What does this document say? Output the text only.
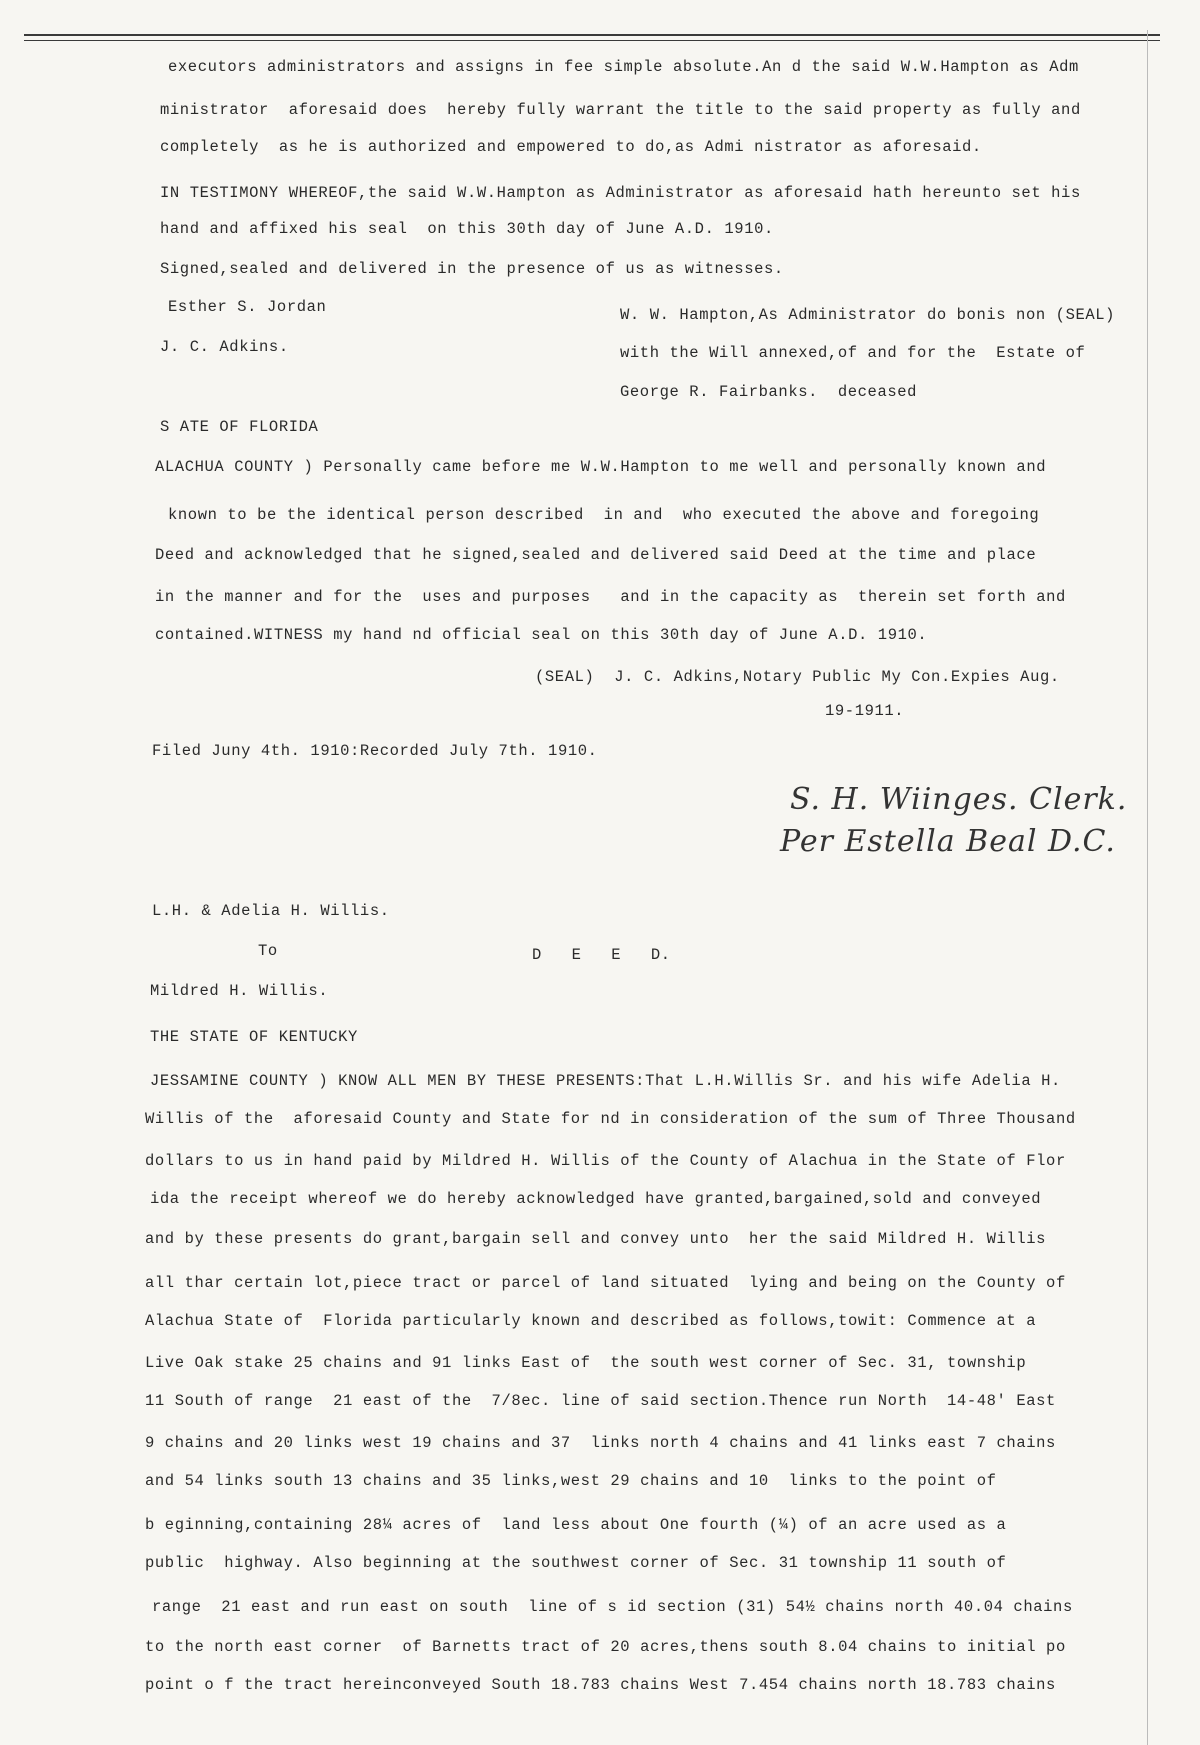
executors administrators and assigns in fee simple absolute.An d the said W.W.Hampton as Adm
ministrator  aforesaid does  hereby fully warrant the title to the said property as fully and
completely  as he is authorized and empowered to do,as Admi nistrator as aforesaid.
IN TESTIMONY WHEREOF,the said W.W.Hampton as Administrator as aforesaid hath hereunto set his
hand and affixed his seal  on this 30th day of June A.D. 1910.
Signed,sealed and delivered in the presence of us as witnesses.
Esther S. Jordan	W. W. Hampton,As Administrator do bonis non (SEAL)
J. C. Adkins.	with the Will annexed,of and for the  Estate of
George R. Fairbanks.  deceased
S ATE OF FLORIDA
ALACHUA COUNTY ) Personally came before me W.W.Hampton to me well and personally known and
known to be the identical person described  in and  who executed the above and foregoing
Deed and acknowledged that he signed,sealed and delivered said Deed at the time and place
in the manner and for the  uses and purposes   and in the capacity as  therein set forth and
contained.WITNESS my hand nd official seal on this 30th day of June A.D. 1910.
(SEAL)  J. C. Adkins,Notary Public My Con.Expies Aug.
19-1911.
Filed Juny 4th. 1910:Recorded July 7th. 1910.
L.H. & Adelia H. Willis.
To	D   E   E   D.
Mildred H. Willis.
THE STATE OF KENTUCKY
JESSAMINE COUNTY ) KNOW ALL MEN BY THESE PRESENTS:That L.H.Willis Sr. and his wife Adelia H.
Willis of the  aforesaid County and State for nd in consideration of the sum of Three Thousand
dollars to us in hand paid by Mildred H. Willis of the County of Alachua in the State of Flor
ida the receipt whereof we do hereby acknowledged have granted,bargained,sold and conveyed
and by these presents do grant,bargain sell and convey unto  her the said Mildred H. Willis
all thar certain lot,piece tract or parcel of land situated  lying and being on the County of
Alachua State of  Florida particularly known and described as follows,towit: Commence at a
Live Oak stake 25 chains and 91 links East of  the south west corner of Sec. 31, township
11 South of range  21 east of the  7/8ec. line of said section.Thence run North  14-48' East
9 chains and 20 links west 19 chains and 37  links north 4 chains and 41 links east 7 chains
and 54 links south 13 chains and 35 links,west 29 chains and 10  links to the point of
b eginning,containing 28¼ acres of  land less about One fourth (¼) of an acre used as a
public  highway. Also beginning at the southwest corner of Sec. 31 township 11 south of
range  21 east and run east on south  line of s id section (31) 54½ chains north 40.04 chains
to the north east corner  of Barnetts tract of 20 acres,thens south 8.04 chains to initial po
point o f the tract hereinconveyed South 18.783 chains West 7.454 chains north 18.783 chains
S. H. Wiinges. Clerk.
Per Estella Beal D.C.
